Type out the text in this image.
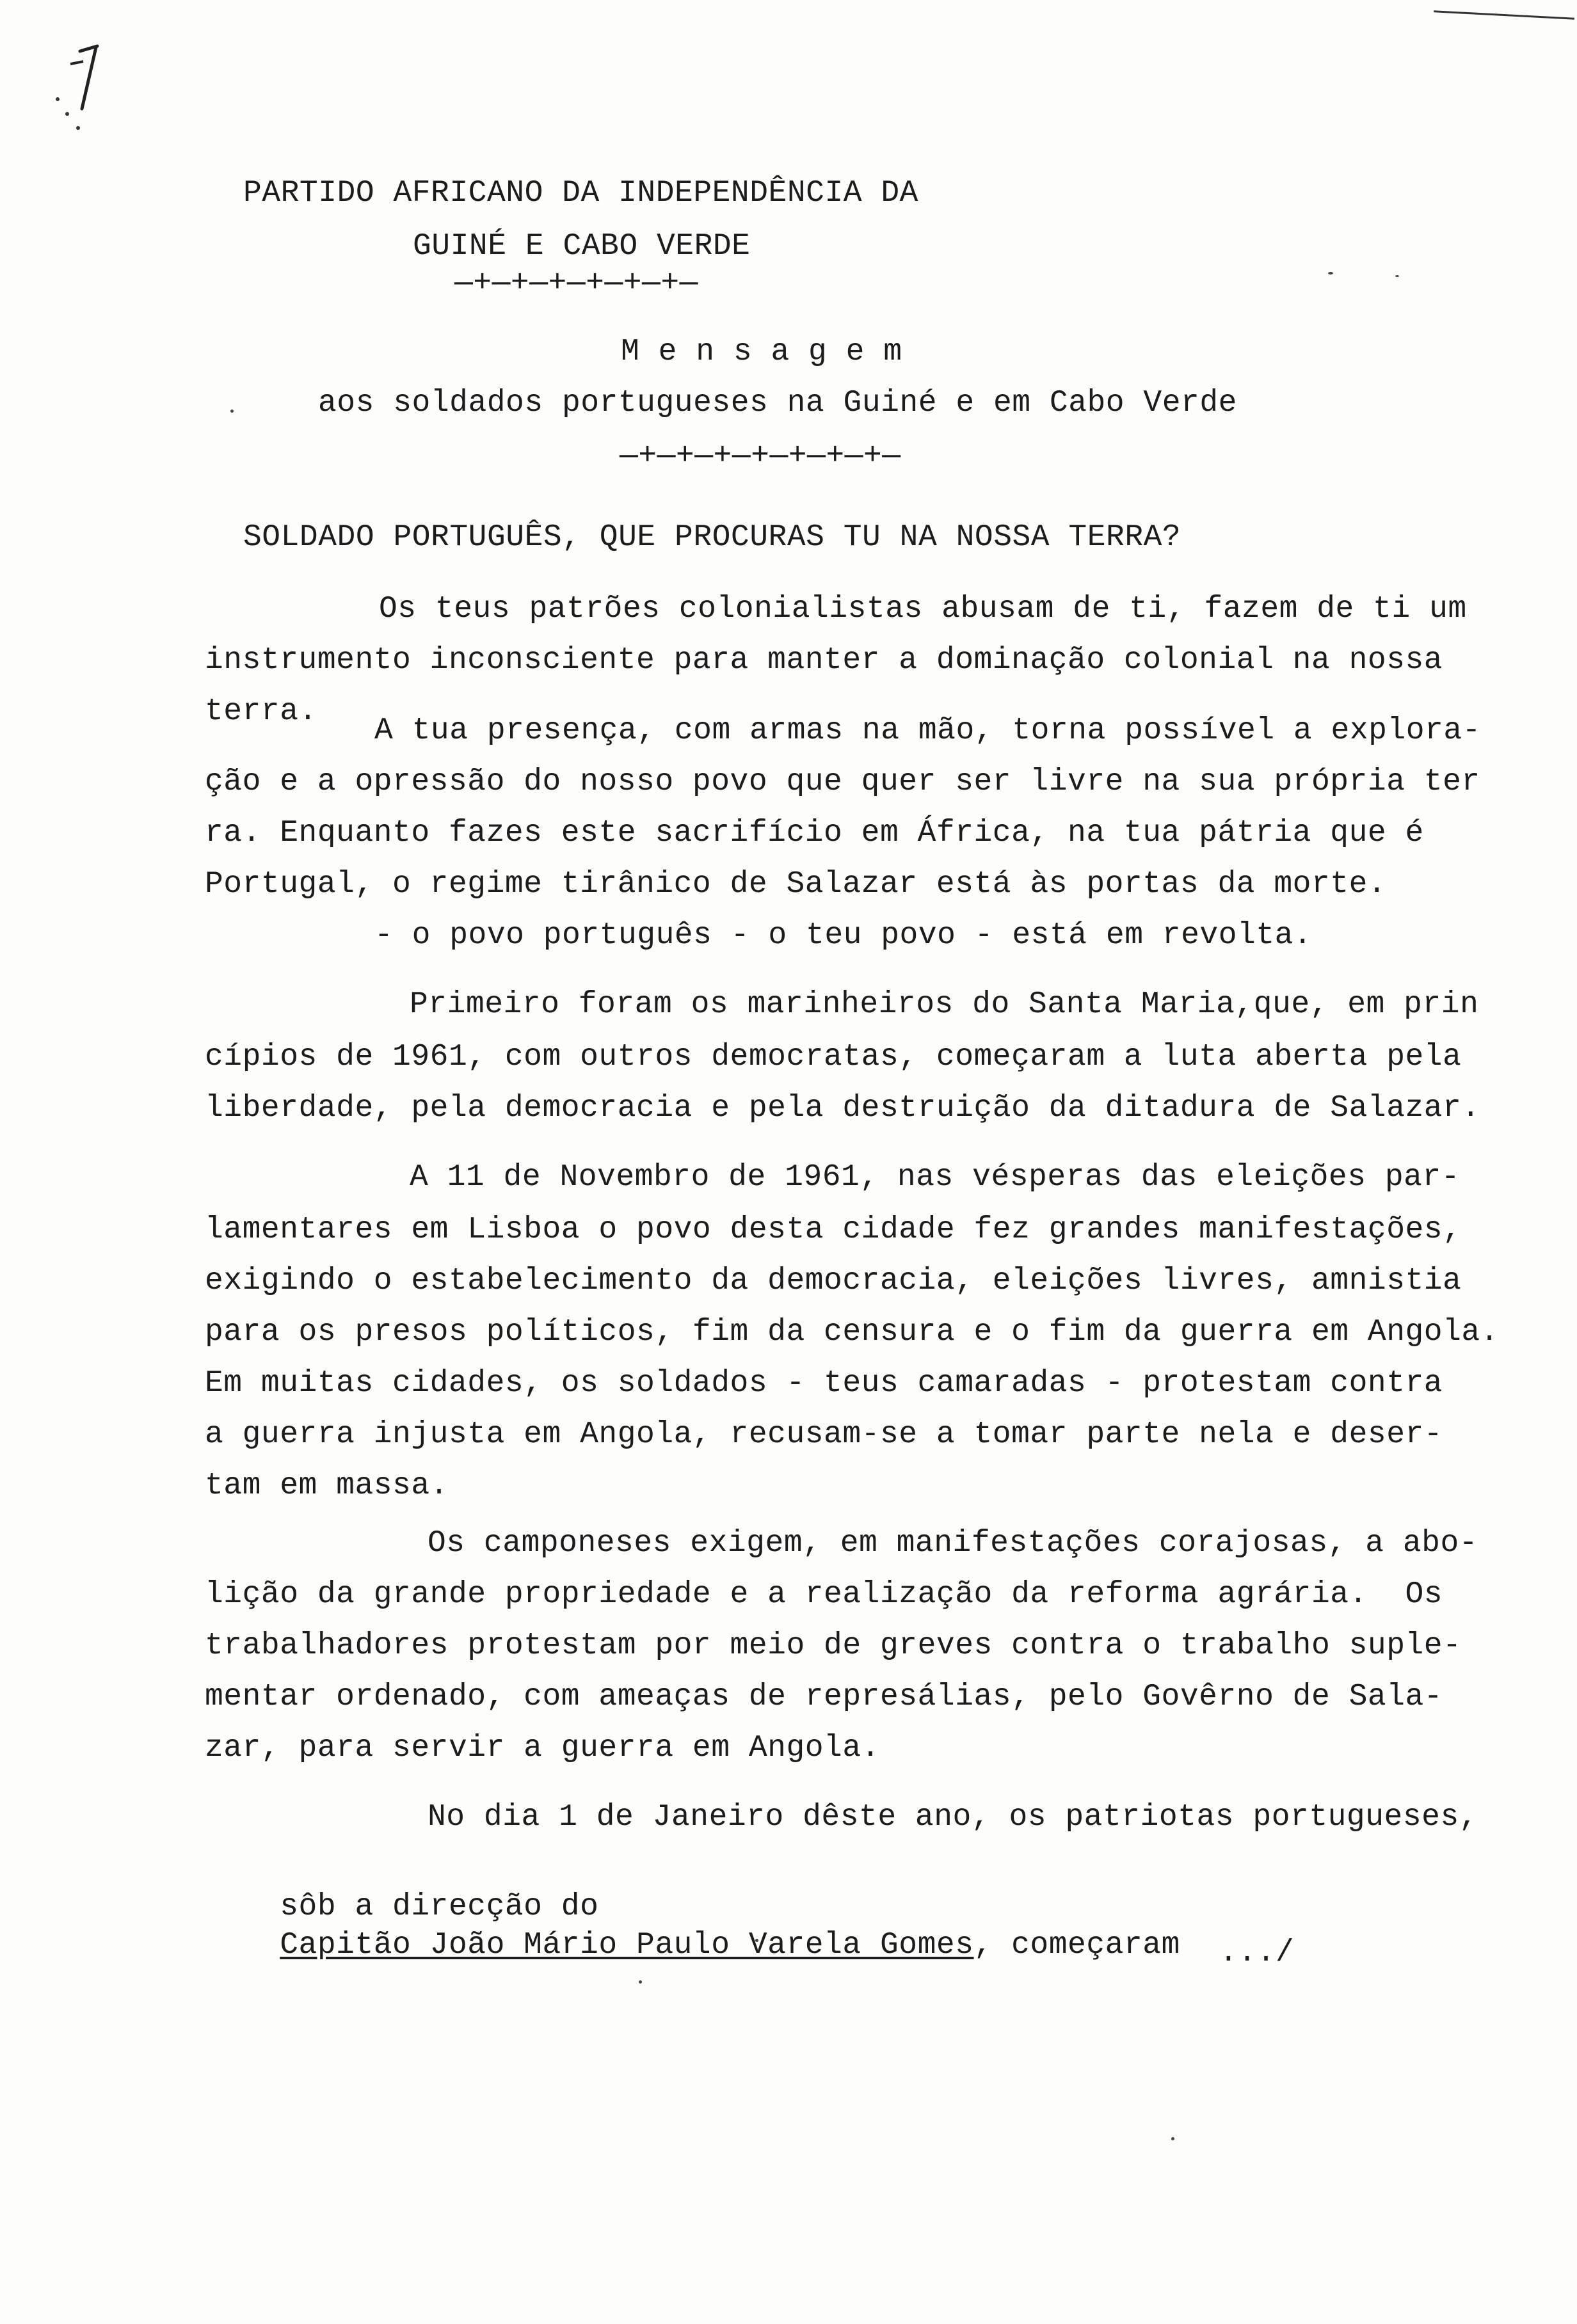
PARTIDO AFRICANO DA INDEPENDÊNCIA DA
GUINÉ E CABO VERDE
—+—+—+—+—+—+—
M e n s a g e m
aos soldados portugueses na Guiné e em Cabo Verde
—+—+—+—+—+—+—+—
SOLDADO PORTUGUÊS, QUE PROCURAS TU NA NOSSA TERRA?
Os teus patrões colonialistas abusam de ti, fazem de ti um
instrumento inconsciente para manter a dominação colonial na nossa
terra.
A tua presença, com armas na mão, torna possível a explora-
ção e a opressão do nosso povo que quer ser livre na sua própria ter
ra. Enquanto fazes este sacrifício em África, na tua pátria que é
Portugal, o regime tirânico de Salazar está às portas da morte.
- o povo português - o teu povo - está em revolta.
Primeiro foram os marinheiros do Santa Maria,que, em prin
cípios de 1961, com outros democratas, começaram a luta aberta pela
liberdade, pela democracia e pela destruição da ditadura de Salazar.
A 11 de Novembro de 1961, nas vésperas das eleições par-
lamentares em Lisboa o povo desta cidade fez grandes manifestações,
exigindo o estabelecimento da democracia, eleições livres, amnistia
para os presos políticos, fim da censura e o fim da guerra em Angola.
Em muitas cidades, os soldados - teus camaradas - protestam contra
a guerra injusta em Angola, recusam-se a tomar parte nela e deser-
tam em massa.
Os camponeses exigem, em manifestações corajosas, a abo-
lição da grande propriedade e a realização da reforma agrária.  Os
trabalhadores protestam por meio de greves contra o trabalho suple-
mentar ordenado, com ameaças de represálias, pelo Govêrno de Sala-
zar, para servir a guerra em Angola.
No dia 1 de Janeiro dêste ano, os patriotas portugueses,

sôb a direcção do
Capitão João Mário Paulo Varela Gomes, começaram
.../
